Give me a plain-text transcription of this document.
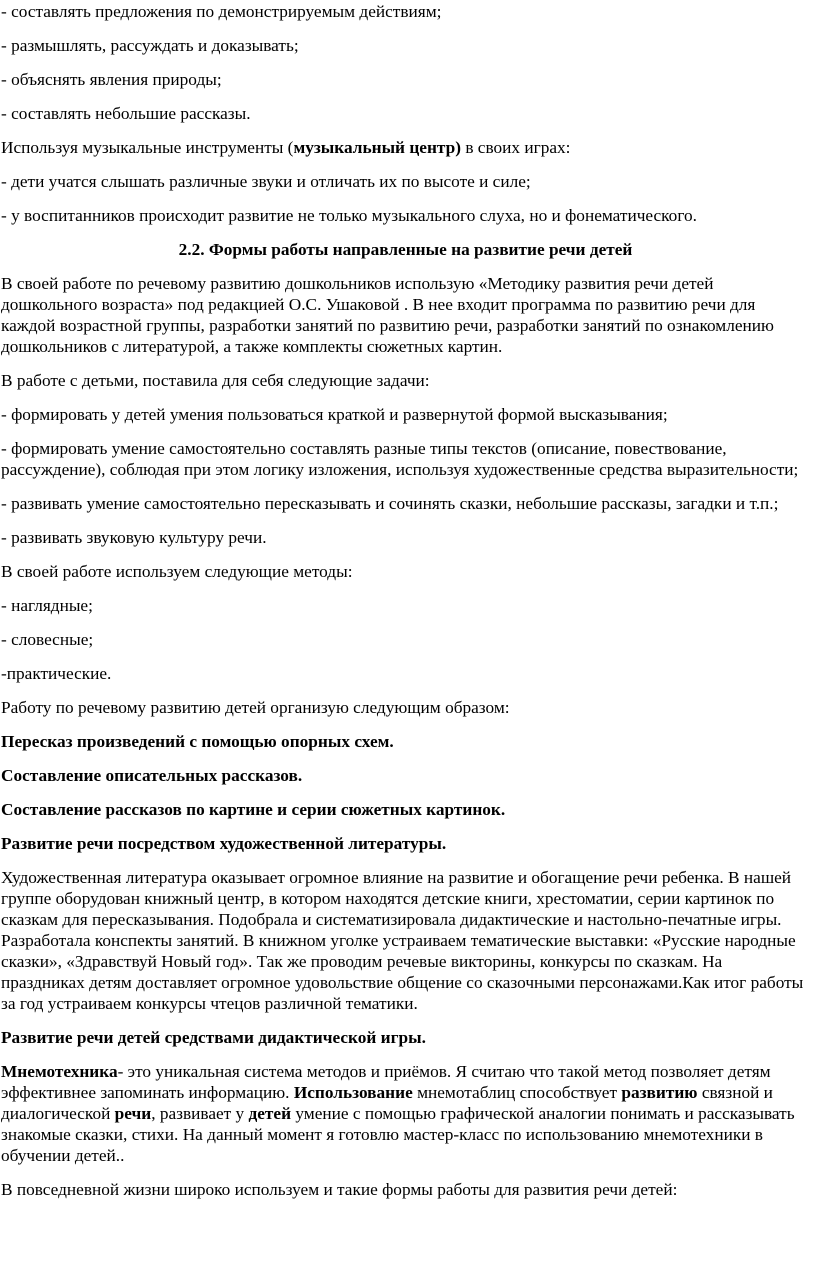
- составлять предложения по демонстрируемым действиям;

- размышлять, рассуждать и доказывать;

- объяснять явления природы;

- составлять небольшие рассказы.

Используя музыкальные инструменты (музыкальный центр) в своих играх:

- дети учатся слышать различные звуки и отличать их по высоте и силе;

- у воспитанников происходит развитие не только музыкального слуха, но и фонематического.

2.2. Формы работы направленные на развитие речи детей

В своей работе по речевому развитию дошкольников использую «Методику развития речи детей дошкольного возраста» под редакцией О.С. Ушаковой . В нее входит программа по развитию речи для каждой возрастной группы, разработки занятий по развитию речи, разработки занятий по ознакомлению дошкольников с литературой, а также комплекты сюжетных картин.

В работе с детьми, поставила для себя следующие задачи:

- формировать у детей умения пользоваться краткой и развернутой формой высказывания;

- формировать умение самостоятельно составлять разные типы текстов (описание, повествование, рассуждение), соблюдая при этом логику изложения, используя художественные средства выразительности;

- развивать умение самостоятельно пересказывать и сочинять сказки, небольшие рассказы, загадки и т.п.;

- развивать звуковую культуру речи.

В своей работе используем следующие методы:

- наглядные;

- словесные;

-практические.

Работу по речевому развитию детей организую следующим образом:

Пересказ произведений с помощью опорных схем.

Составление описательных рассказов.

Составление рассказов по картине и серии сюжетных картинок.

Развитие речи посредством художественной литературы.

Художественная литература оказывает огромное влияние на развитие и обогащение речи ребенка. В нашей группе оборудован книжный центр, в котором находятся детские книги, хрестоматии, серии картинок по сказкам для пересказывания. Подобрала и систематизировала дидактические и настольно-печатные игры. Разработала конспекты занятий. В книжном уголке устраиваем тематические выставки: «Русские народные сказки», «Здравствуй Новый год». Так же проводим речевые викторины, конкурсы по сказкам. На праздниках детям доставляет огромное удовольствие общение со сказочными персонажами.Как итог работы за год устраиваем конкурсы чтецов различной тематики.

Развитие речи детей средствами дидактической игры.

Мнемотехника- это уникальная система методов и приёмов. Я считаю что такой метод позволяет детям эффективнее запоминать информацию. Использование мнемотаблиц способствует развитию связной и диалогической речи, развивает у детей умение с помощью графической аналогии понимать и рассказывать знакомые сказки, стихи. На данный момент я готовлю мастер-класс по использованию мнемотехники в обучении детей..

В повседневной жизни широко используем и такие формы работы для развития речи детей:
